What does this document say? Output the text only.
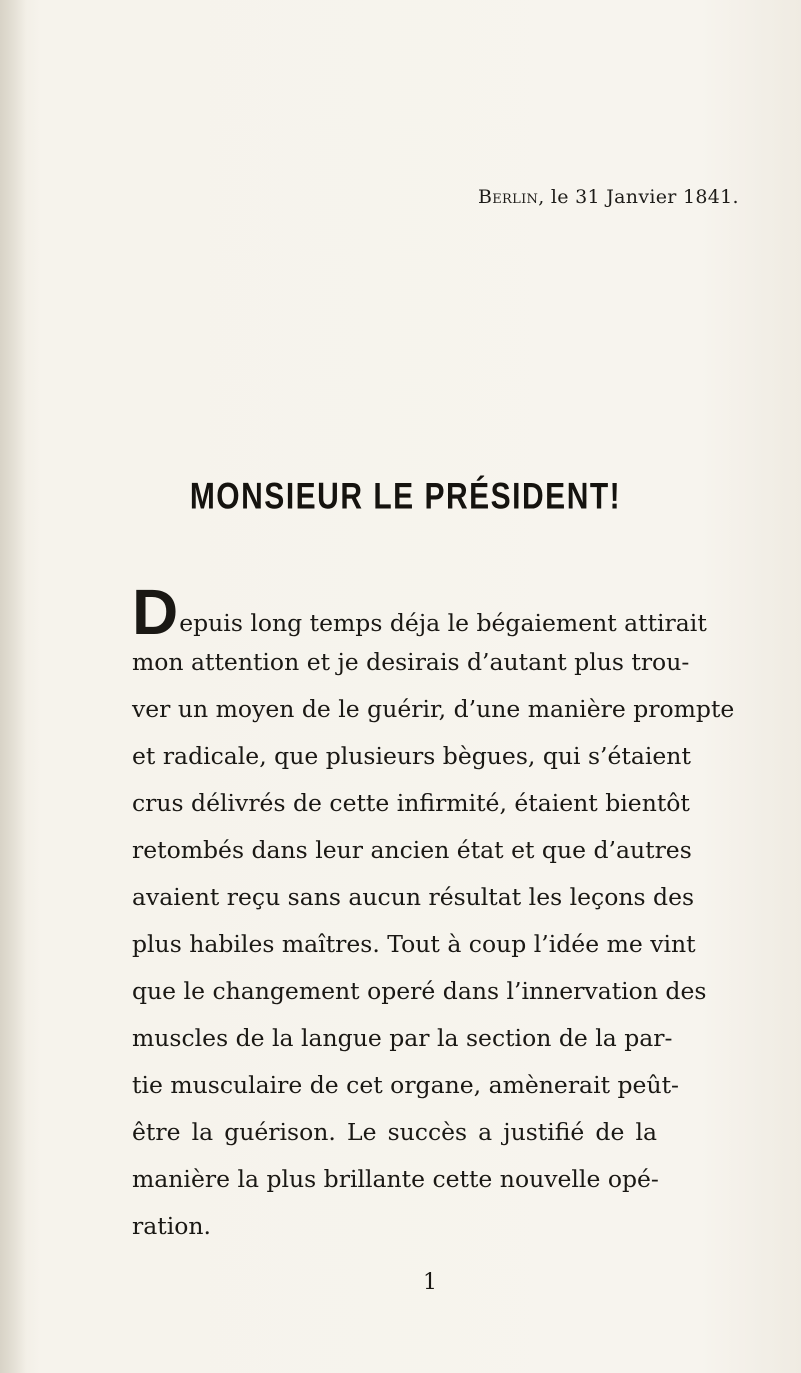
Berlin, le 31 Janvier 1841.
MONSIEUR LE PRÉSIDENT!
Depuis long temps déja le bégaiement attirait
mon attention et je desirais d’autant plus trou-
ver un moyen de le guérir, d’une manière prompte
et radicale, que plusieurs bègues, qui s’étaient
crus délivrés de cette infirmité, étaient bientôt
retombés dans leur ancien état et que d’autres
avaient reçu sans aucun résultat les leçons des
plus habiles maîtres. Tout à coup l’idée me vint
que le changement operé dans l’innervation des
muscles de la langue par la section de la par-
tie musculaire de cet organe, amènerait peût-
être la guérison. Le succès a justifié de la
manière la plus brillante cette nouvelle opé-
ration.
1
